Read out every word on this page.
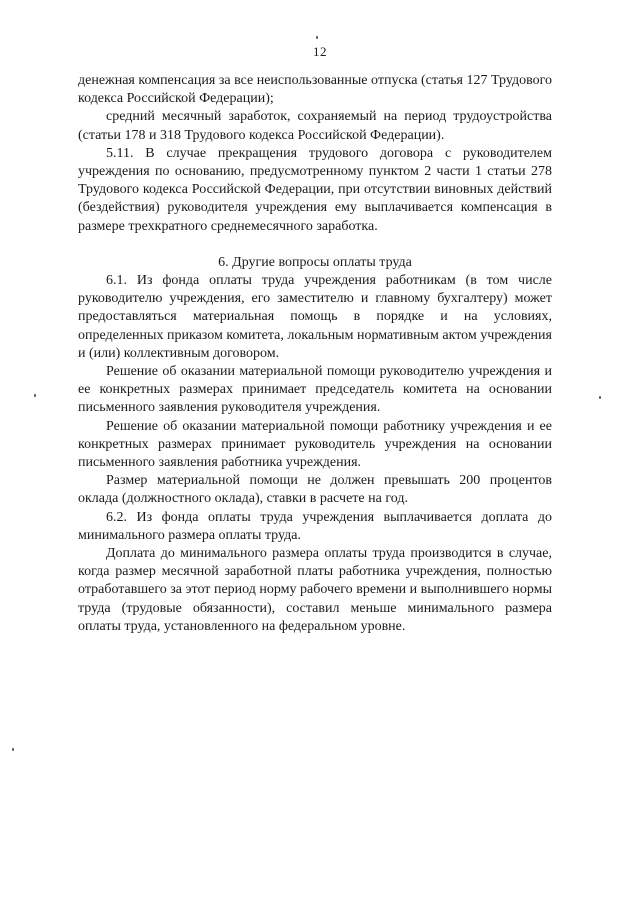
12

денежная компенсация за все неиспользованные отпуска (статья 127 Трудового кодекса Российской Федерации);

средний месячный заработок, сохраняемый на период трудоустройства (статьи 178 и 318 Трудового кодекса Российской Федерации).

5.11. В случае прекращения трудового договора с руководителем учреждения по основанию, предусмотренному пунктом 2 части 1 статьи 278 Трудового кодекса Российской Федерации, при отсутствии виновных действий (бездействия) руководителя учреждения ему выплачивается компенсация в размере трехкратного среднемесячного заработка.

6. Другие вопросы оплаты труда

6.1. Из фонда оплаты труда учреждения работникам (в том числе руководителю учреждения, его заместителю и главному бухгалтеру) может предоставляться материальная помощь в порядке и на условиях, определенных приказом комитета, локальным нормативным актом учреждения и (или) коллективным договором.

Решение об оказании материальной помощи руководителю учреждения и ее конкретных размерах принимает председатель комитета на основании письменного заявления руководителя учреждения.

Решение об оказании материальной помощи работнику учреждения и ее конкретных размерах принимает руководитель учреждения на основании письменного заявления работника учреждения.

Размер материальной помощи не должен превышать 200 процентов оклада (должностного оклада), ставки в расчете на год.

6.2. Из фонда оплаты труда учреждения выплачивается доплата до минимального размера оплаты труда.

Доплата до минимального размера оплаты труда производится в случае, когда размер месячной заработной платы работника учреждения, полностью отработавшего за этот период норму рабочего времени и выполнившего нормы труда (трудовые обязанности), составил меньше минимального размера оплаты труда, установленного на федеральном уровне.
